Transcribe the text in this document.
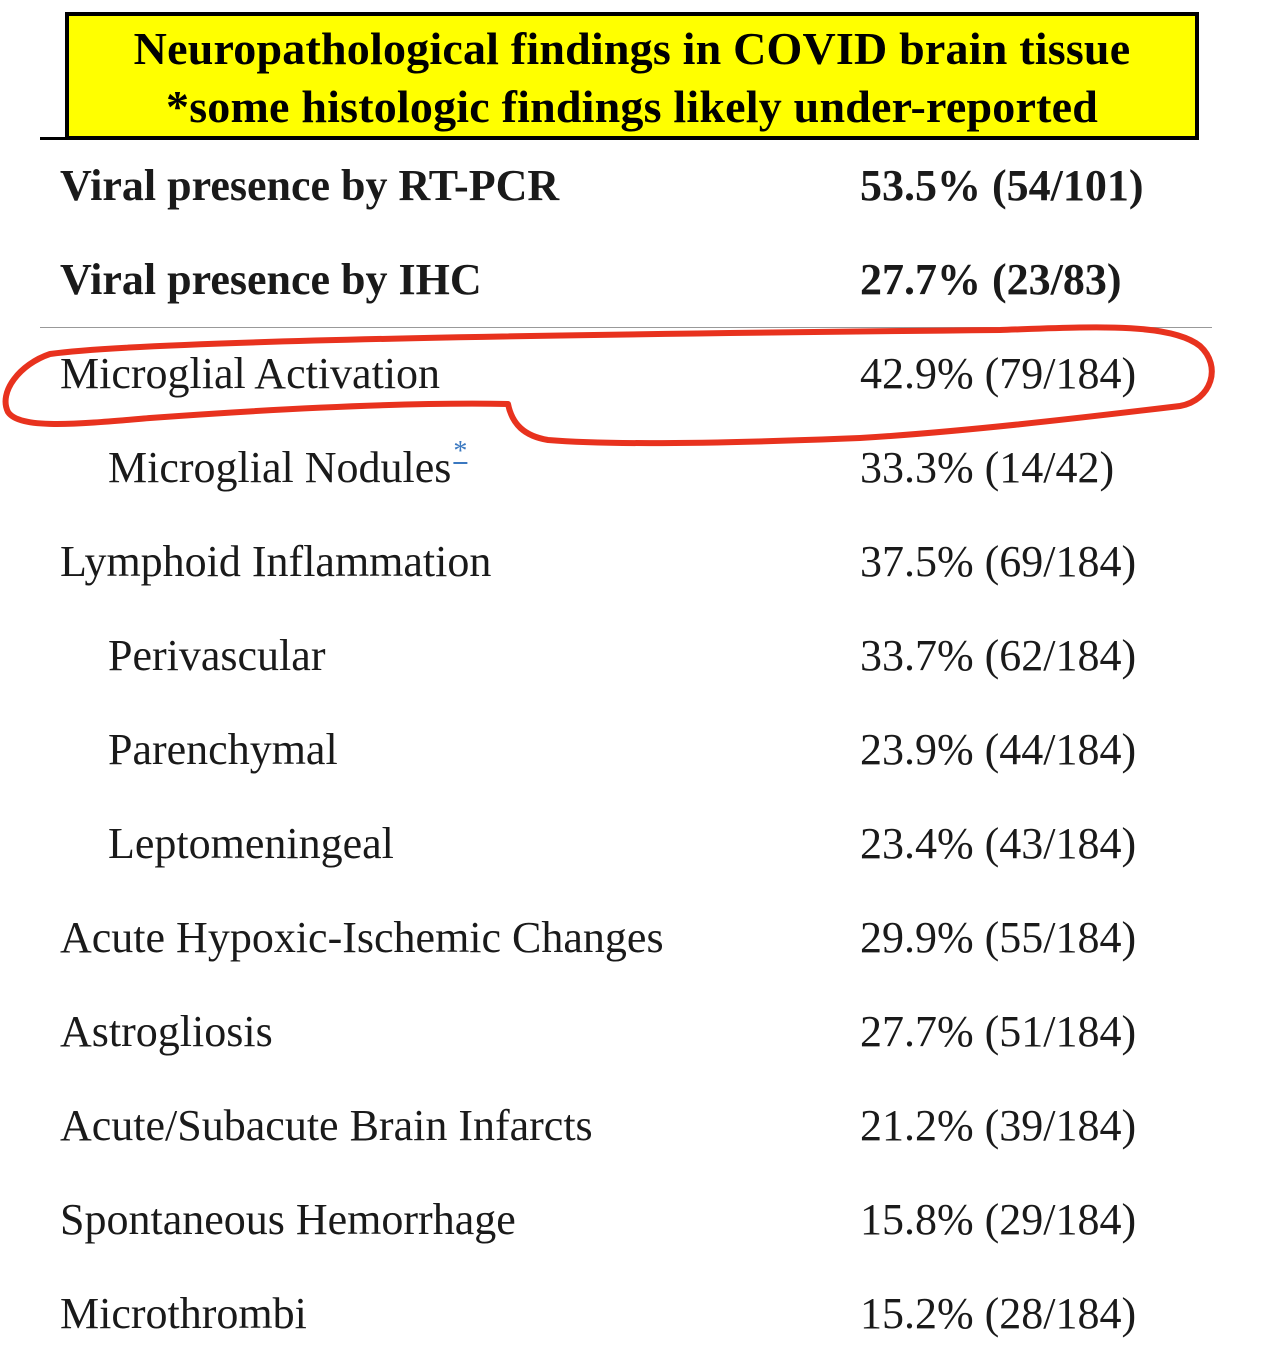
Neuropathological findings in COVID brain tissue
*some histologic findings likely under-reported
Viral presence by RT-PCR	53.5% (54/101)
Viral presence by IHC	27.7% (23/83)
Microglial Activation	42.9% (79/184)
Microglial Nodules*	33.3% (14/42)
Lymphoid Inflammation	37.5% (69/184)
Perivascular	33.7% (62/184)
Parenchymal	23.9% (44/184)
Leptomeningeal	23.4% (43/184)
Acute Hypoxic-Ischemic Changes	29.9% (55/184)
Astrogliosis	27.7% (51/184)
Acute/Subacute Brain Infarcts	21.2% (39/184)
Spontaneous Hemorrhage	15.8% (29/184)
Microthrombi	15.2% (28/184)
